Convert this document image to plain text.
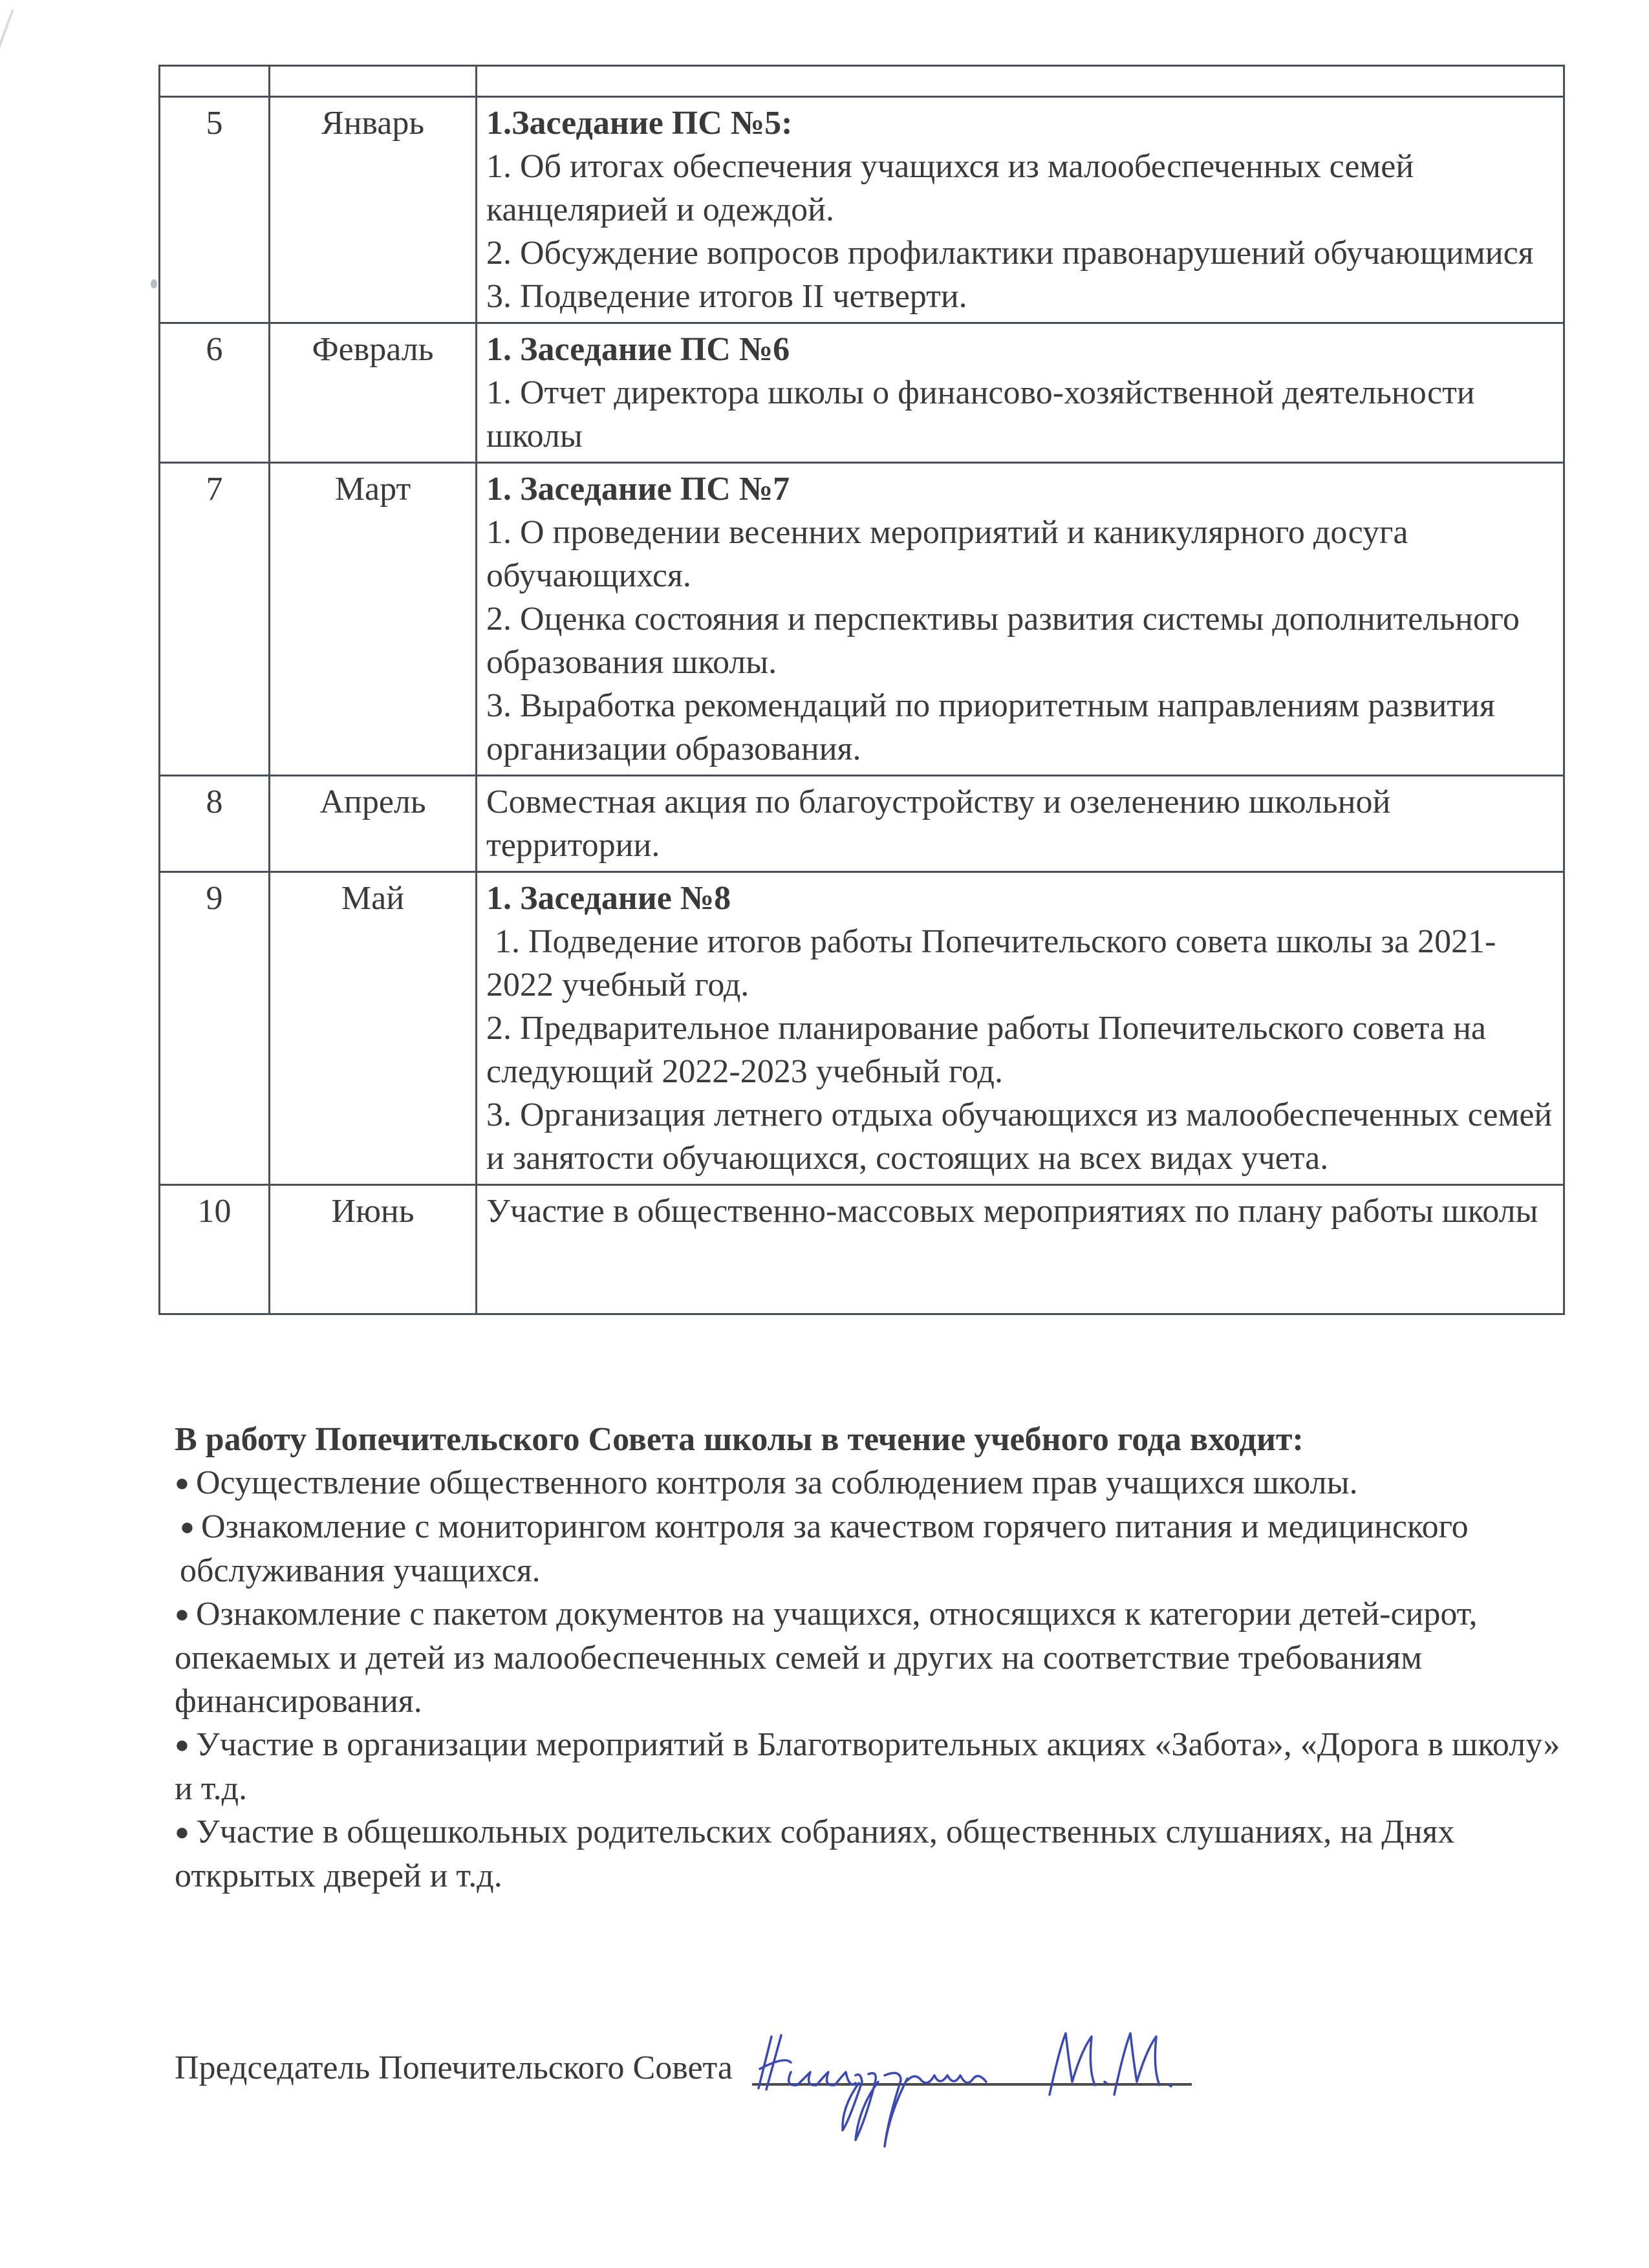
5	Январь	1.Заседание ПС №5:
1. Об итогах обеспечения учащихся из малообеспеченных семей канцелярией и одеждой.
2. Обсуждение вопросов профилактики правонарушений обучающимися
3. Подведение итогов II четверти.

6	Февраль	1. Заседание ПС №6
1. Отчет директора школы о финансово-хозяйственной деятельности школы

7	Март	1. Заседание ПС №7
1. О проведении весенних мероприятий и каникулярного досуга обучающихся.
2. Оценка состояния и перспективы развития системы дополнительного образования школы.
3. Выработка рекомендаций по приоритетным направлениям развития организации образования.

8	Апрель	Совместная акция по благоустройству и озеленению школьной территории.

9	Май	1. Заседание №8
1. Подведение итогов работы Попечительского совета школы за 2021-2022 учебный год.
2. Предварительное планирование работы Попечительского совета на следующий 2022-2023 учебный год.
3. Организация летнего отдыха обучающихся из малообеспеченных семей и занятости обучающихся, состоящих на всех видах учета.

10	Июнь	Участие в общественно-массовых мероприятиях по плану работы школы
В работу Попечительского Совета школы в течение учебного года входит:
● Осуществление общественного контроля за соблюдением прав учащихся школы.
● Ознакомление с мониторингом контроля за качеством горячего питания и медицинского обслуживания учащихся.
● Ознакомление с пакетом документов на учащихся, относящихся к категории детей-сирот, опекаемых и детей из малообеспеченных семей и других на соответствие требованиям финансирования.
● Участие в организации мероприятий в Благотворительных акциях «Забота», «Дорога в школу» и т.д.
● Участие в общешкольных родительских собраниях, общественных слушаниях, на Днях открытых дверей и т.д.
Председатель Попечительского Совета
